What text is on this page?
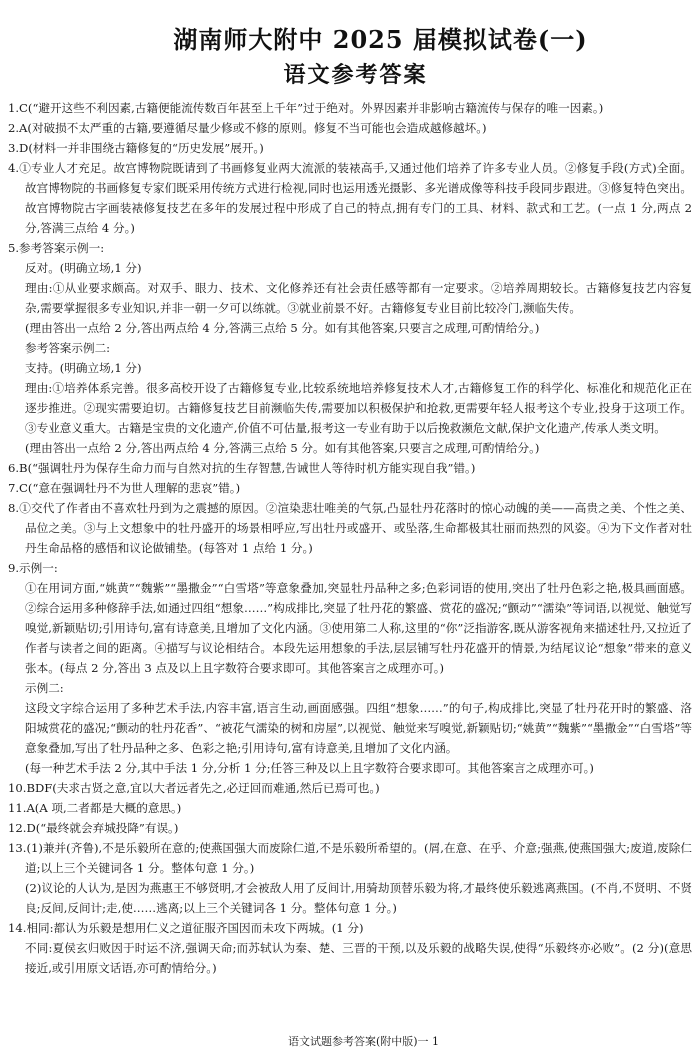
湖南师大附中 2025 届模拟试卷(一)
语文参考答案

1.C(“避开这些不利因素,古籍便能流传数百年甚至上千年”过于绝对。外界因素并非影响古籍流传与保存的唯一因素。)

2.A(对破损不太严重的古籍,要遵循尽量少修或不修的原则。修复不当可能也会造成越修越坏。)

3.D(材料一并非围绕古籍修复的“历史发展”展开。)

4.①专业人才充足。故宫博物院既请到了书画修复业两大流派的装裱高手,又通过他们培养了许多专业人员。②修复手段(方式)全面。故宫博物院的书画修复专家们既采用传统方式进行检视,同时也运用透光摄影、多光谱成像等科技手段同步跟进。③修复特色突出。故宫博物院古字画装裱修复技艺在多年的发展过程中形成了自己的特点,拥有专门的工具、材料、款式和工艺。(一点 1 分,两点 2 分,答满三点给 4 分。)

5.参考答案示例一:

反对。(明确立场,1 分)

理由:①从业要求颇高。对双手、眼力、技术、文化修养还有社会责任感等都有一定要求。②培养周期较长。古籍修复技艺内容复杂,需要掌握很多专业知识,并非一朝一夕可以练就。③就业前景不好。古籍修复专业目前比较冷门,濒临失传。

(理由答出一点给 2 分,答出两点给 4 分,答满三点给 5 分。如有其他答案,只要言之成理,可酌情给分。)

参考答案示例二:

支持。(明确立场,1 分)

理由:①培养体系完善。很多高校开设了古籍修复专业,比较系统地培养修复技术人才,古籍修复工作的科学化、标准化和规范化正在逐步推进。②现实需要迫切。古籍修复技艺目前濒临失传,需要加以积极保护和抢救,更需要年轻人报考这个专业,投身于这项工作。③专业意义重大。古籍是宝贵的文化遗产,价值不可估量,报考这一专业有助于以后挽救濒危文献,保护文化遗产,传承人类文明。

(理由答出一点给 2 分,答出两点给 4 分,答满三点给 5 分。如有其他答案,只要言之成理,可酌情给分。)

6.B(“强调牡丹为保存生命力而与自然对抗的生存智慧,告诫世人等待时机方能实现自我”错。)

7.C(“意在强调牡丹不为世人理解的悲哀”错。)

8.①交代了作者由不喜欢牡丹到为之震撼的原因。②渲染悲壮唯美的气氛,凸显牡丹花落时的惊心动魄的美——高贵之美、个性之美、品位之美。③与上文想象中的牡丹盛开的场景相呼应,写出牡丹或盛开、或坠落,生命都极其壮丽而热烈的风姿。④为下文作者对牡丹生命品格的感悟和议论做铺垫。(每答对 1 点给 1 分。)

9.示例一:

①在用词方面,“姚黄”“魏紫”“墨撒金”“白雪塔”等意象叠加,突显牡丹品种之多;色彩词语的使用,突出了牡丹色彩之艳,极具画面感。②综合运用多种修辞手法,如通过四组“想象……”构成排比,突显了牡丹花的繁盛、赏花的盛况;“颤动”“濡染”等词语,以视觉、触觉写嗅觉,新颖贴切;引用诗句,富有诗意美,且增加了文化内涵。③使用第二人称,这里的“你”泛指游客,既从游客视角来描述牡丹,又拉近了作者与读者之间的距离。④描写与议论相结合。本段先运用想象的手法,层层铺写牡丹花盛开的情景,为结尾议论“想象”带来的意义张本。(每点 2 分,答出 3 点及以上且字数符合要求即可。其他答案言之成理亦可。)

示例二:

这段文字综合运用了多种艺术手法,内容丰富,语言生动,画面感强。四组“想象……”的句子,构成排比,突显了牡丹花开时的繁盛、洛阳城赏花的盛况;“颤动的牡丹花香”、“被花气濡染的树和房屋”,以视觉、触觉来写嗅觉,新颖贴切;“姚黄”“魏紫”“墨撒金”“白雪塔”等意象叠加,写出了牡丹品种之多、色彩之艳;引用诗句,富有诗意美,且增加了文化内涵。

(每一种艺术手法 2 分,其中手法 1 分,分析 1 分;任答三种及以上且字数符合要求即可。其他答案言之成理亦可。)

10.BDF(夫求古贤之意,宜以大者远者先之,必迂回而难通,然后已焉可也。)

11.A(A 项,二者都是大概的意思。)

12.D(“最终就会弃城投降”有误。)

13.(1)兼并(齐鲁),不是乐毅所在意的;使燕国强大而废除仁道,不是乐毅所希望的。(屑,在意、在乎、介意;强燕,使燕国强大;废道,废除仁道;以上三个关键词各 1 分。整体句意 1 分。)

(2)议论的人认为,是因为燕惠王不够贤明,才会被敌人用了反间计,用骑劫顶替乐毅为将,才最终使乐毅逃离燕国。(不肖,不贤明、不贤良;反间,反间计;走,使……逃离;以上三个关键词各 1 分。整体句意 1 分。)

14.相同:都认为乐毅是想用仁义之道征服齐国因而未攻下两城。(1 分)

不同:夏侯玄归败因于时运不济,强调天命;而苏轼认为秦、楚、三晋的干预,以及乐毅的战略失误,使得“乐毅终亦必败”。(2 分)(意思接近,或引用原文话语,亦可酌情给分。)

语文试题参考答案(附中版)一 1
